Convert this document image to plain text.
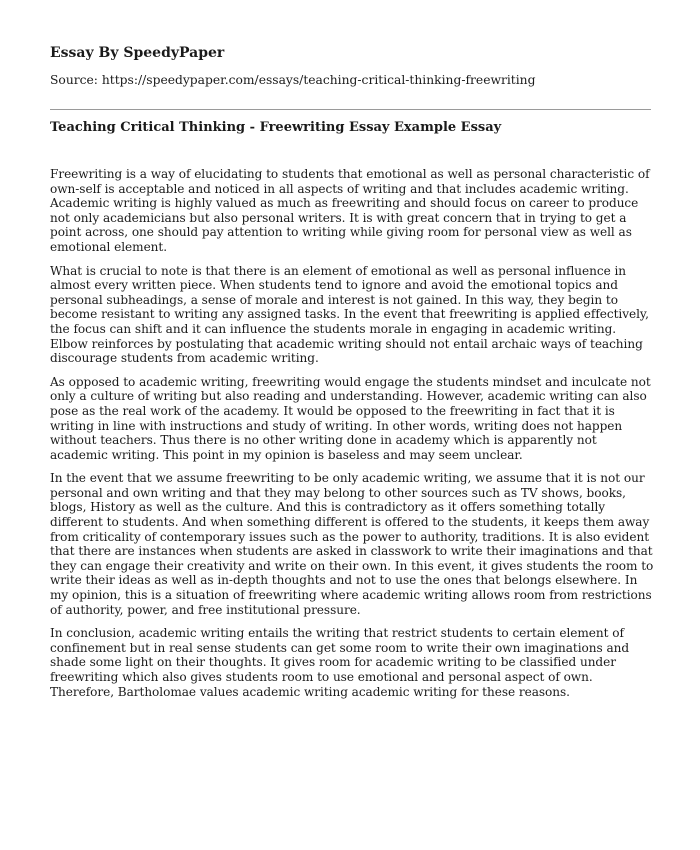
Essay By SpeedyPaper
Source: https://speedypaper.com/essays/teaching-critical-thinking-freewriting
Teaching Critical Thinking - Freewriting Essay Example Essay

Freewriting is a way of elucidating to students that emotional as well as personal characteristic of own-self is acceptable and noticed in all aspects of writing and that includes academic writing. Academic writing is highly valued as much as freewriting and should focus on career to produce not only academicians but also personal writers. It is with great concern that in trying to get a point across, one should pay attention to writing while giving room for personal view as well as emotional element.

What is crucial to note is that there is an element of emotional as well as personal influence in almost every written piece. When students tend to ignore and avoid the emotional topics and personal subheadings, a sense of morale and interest is not gained. In this way, they begin to become resistant to writing any assigned tasks. In the event that freewriting is applied effectively, the focus can shift and it can influence the students morale in engaging in academic writing. Elbow reinforces by postulating that academic writing should not entail archaic ways of teaching discourage students from academic writing.

As opposed to academic writing, freewriting would engage the students mindset and inculcate not only a culture of writing but also reading and understanding. However, academic writing can also pose as the real work of the academy. It would be opposed to the freewriting in fact that it is writing in line with instructions and study of writing. In other words, writing does not happen without teachers. Thus there is no other writing done in academy which is apparently not academic writing. This point in my opinion is baseless and may seem unclear.

In the event that we assume freewriting to be only academic writing, we assume that it is not our personal and own writing and that they may belong to other sources such as TV shows, books, blogs, History as well as the culture. And this is contradictory as it offers something totally different to students. And when something different is offered to the students, it keeps them away from criticality of contemporary issues such as the power to authority, traditions. It is also evident that there are instances when students are asked in classwork to write their imaginations and that they can engage their creativity and write on their own. In this event, it gives students the room to write their ideas as well as in-depth thoughts and not to use the ones that belongs elsewhere. In my opinion, this is a situation of freewriting where academic writing allows room from restrictions of authority, power, and free institutional pressure.

In conclusion, academic writing entails the writing that restrict students to certain element of confinement but in real sense students can get some room to write their own imaginations and shade some light on their thoughts. It gives room for academic writing to be classified under freewriting which also gives students room to use emotional and personal aspect of own. Therefore, Bartholomae values academic writing academic writing for these reasons.
